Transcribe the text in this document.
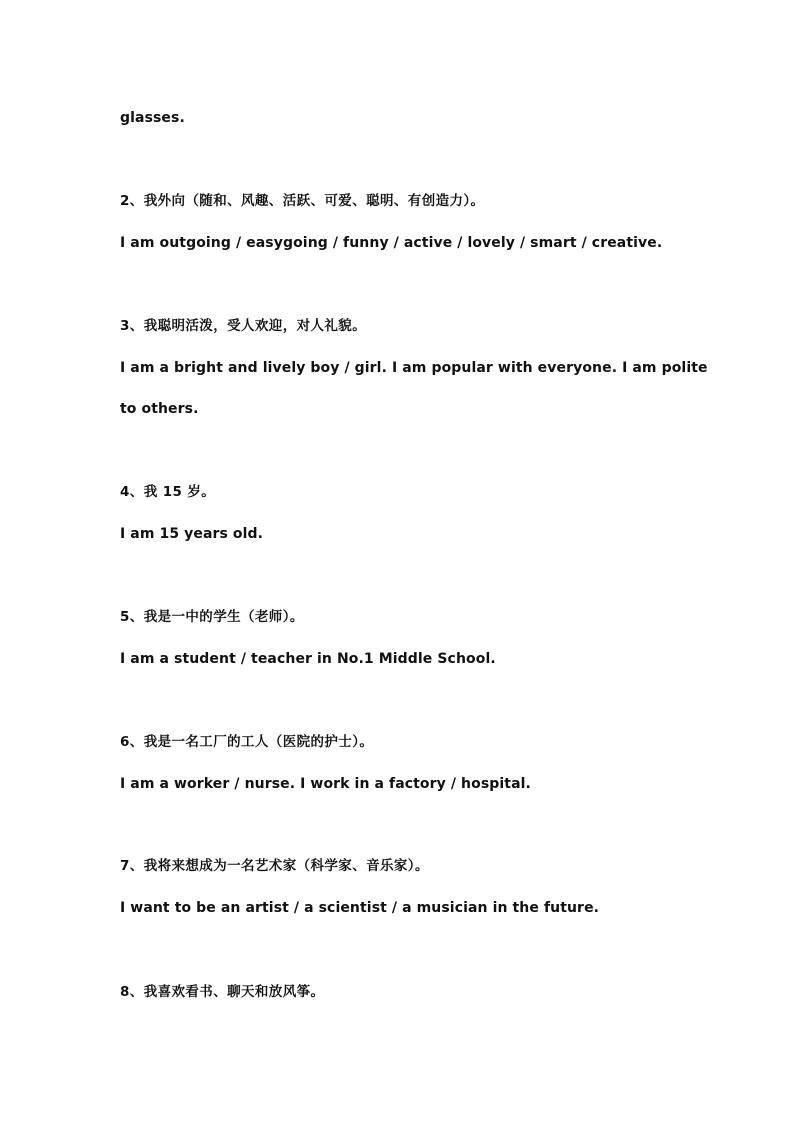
glasses.
2、我外向（随和、风趣、活跃、可爱、聪明、有创造力）。
I am outgoing / easygoing / funny / active / lovely / smart / creative.
3、我聪明活泼，受人欢迎，对人礼貌。
I am a bright and lively boy / girl. I am popular with everyone. I am polite
to others.
4、我 15 岁。
I am 15 years old.
5、我是一中的学生（老师）。
I am a student / teacher in No.1 Middle School.
6、我是一名工厂的工人（医院的护士）。
I am a worker / nurse. I work in a factory / hospital.
7、我将来想成为一名艺术家（科学家、音乐家）。
I want to be an artist / a scientist / a musician in the future.
8、我喜欢看书、聊天和放风筝。
